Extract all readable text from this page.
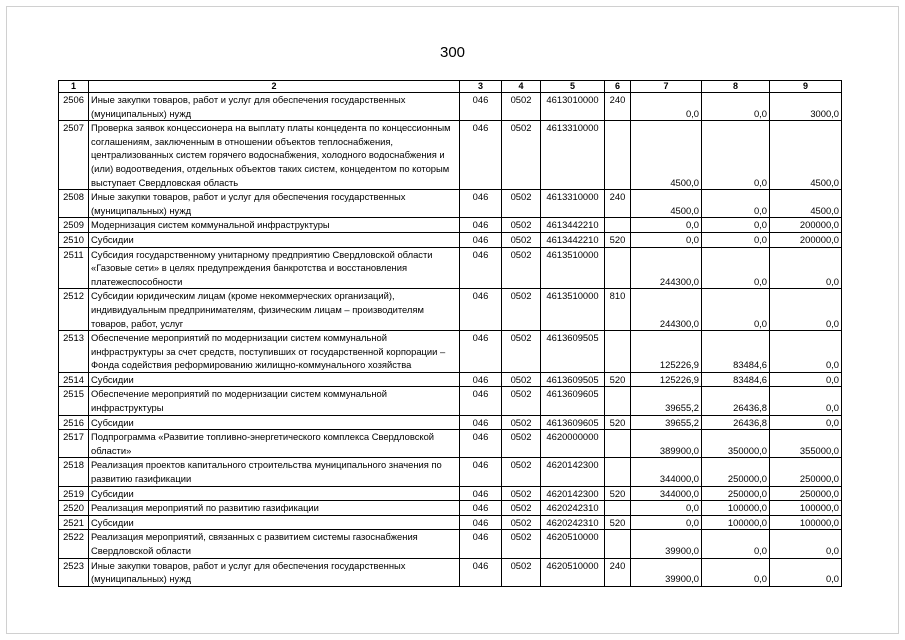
300
1	2	3	4	5	6	7	8	9
2506	Иные закупки товаров, работ и услуг для обеспечения государственных (муниципальных) нужд	046	0502	4613010000	240	0,0	0,0	3000,0
2507	Проверка заявок концессионера на выплату платы концедента по концессионным соглашениям, заключенным в отношении объектов теплоснабжения, централизованных систем горячего водоснабжения, холодного водоснабжения и (или) водоотведения, отдельных объектов таких систем, концедентом по которым выступает Свердловская область	046	0502	4613310000		4500,0	0,0	4500,0
2508	Иные закупки товаров, работ и услуг для обеспечения государственных (муниципальных) нужд	046	0502	4613310000	240	4500,0	0,0	4500,0
2509	Модернизация систем коммунальной инфраструктуры	046	0502	4613442210		0,0	0,0	200000,0
2510	Субсидии	046	0502	4613442210	520	0,0	0,0	200000,0
2511	Субсидия государственному унитарному предприятию Свердловской области «Газовые сети» в целях предупреждения банкротства и восстановления платежеспособности	046	0502	4613510000		244300,0	0,0	0,0
2512	Субсидии юридическим лицам (кроме некоммерческих организаций), индивидуальным предпринимателям, физическим лицам – производителям товаров, работ, услуг	046	0502	4613510000	810	244300,0	0,0	0,0
2513	Обеспечение мероприятий по модернизации систем коммунальной инфраструктуры за счет средств, поступивших от государственной корпорации – Фонда содействия реформированию жилищно-коммунального хозяйства	046	0502	4613609505		125226,9	83484,6	0,0
2514	Субсидии	046	0502	4613609505	520	125226,9	83484,6	0,0
2515	Обеспечение мероприятий по модернизации систем коммунальной инфраструктуры	046	0502	4613609605		39655,2	26436,8	0,0
2516	Субсидии	046	0502	4613609605	520	39655,2	26436,8	0,0
2517	Подпрограмма «Развитие топливно-энергетического комплекса Свердловской области»	046	0502	4620000000		389900,0	350000,0	355000,0
2518	Реализация проектов капитального строительства муниципального значения по развитию газификации	046	0502	4620142300		344000,0	250000,0	250000,0
2519	Субсидии	046	0502	4620142300	520	344000,0	250000,0	250000,0
2520	Реализация мероприятий по развитию газификации	046	0502	4620242310		0,0	100000,0	100000,0
2521	Субсидии	046	0502	4620242310	520	0,0	100000,0	100000,0
2522	Реализация мероприятий, связанных с развитием системы газоснабжения Свердловской области	046	0502	4620510000		39900,0	0,0	0,0
2523	Иные закупки товаров, работ и услуг для обеспечения государственных (муниципальных) нужд	046	0502	4620510000	240	39900,0	0,0	0,0
